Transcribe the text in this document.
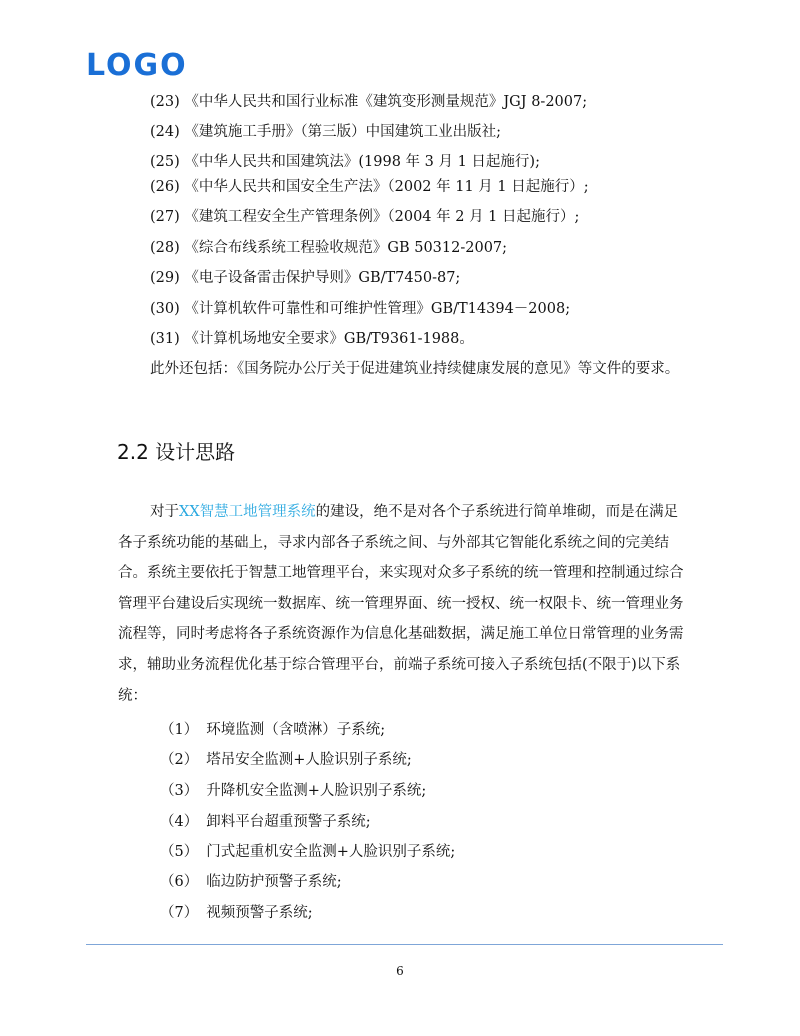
LOGO
(23) 《中华人民共和国行业标准《建筑变形测量规范》JGJ 8-2007;
(24) 《建筑施工手册》（第三版）中国建筑工业出版社;
(25) 《中华人民共和国建筑法》(1998 年 3 月 1 日起施行);
(26) 《中华人民共和国安全生产法》（2002 年 11 月 1 日起施行）;
(27) 《建筑工程安全生产管理条例》（2004 年 2 月 1 日起施行）;
(28) 《综合布线系统工程验收规范》GB 50312-2007;
(29) 《电子设备雷击保护导则》GB/T7450-87;
(30) 《计算机软件可靠性和可维护性管理》GB/T14394－2008;
(31) 《计算机场地安全要求》GB/T9361-1988。

此外还包括：《国务院办公厅关于促进建筑业持续健康发展的意见》等文件的要求。

2.2 设计思路

对于XX智慧工地管理系统的建设，绝不是对各个子系统进行简单堆砌，而是在满足各子系统功能的基础上，寻求内部各子系统之间、与外部其它智能化系统之间的完美结合。系统主要依托于智慧工地管理平台，来实现对众多子系统的统一管理和控制通过综合管理平台建设后实现统一数据库、统一管理界面、统一授权、统一权限卡、统一管理业务流程等，同时考虑将各子系统资源作为信息化基础数据，满足施工单位日常管理的业务需求，辅助业务流程优化基于综合管理平台，前端子系统可接入子系统包括(不限于)以下系统：

（1） 环境监测（含喷淋）子系统;
（2） 塔吊安全监测+人脸识别子系统;
（3） 升降机安全监测+人脸识别子系统;
（4） 卸料平台超重预警子系统;
（5） 门式起重机安全监测+人脸识别子系统;
（6） 临边防护预警子系统;
（7） 视频预警子系统;
6
